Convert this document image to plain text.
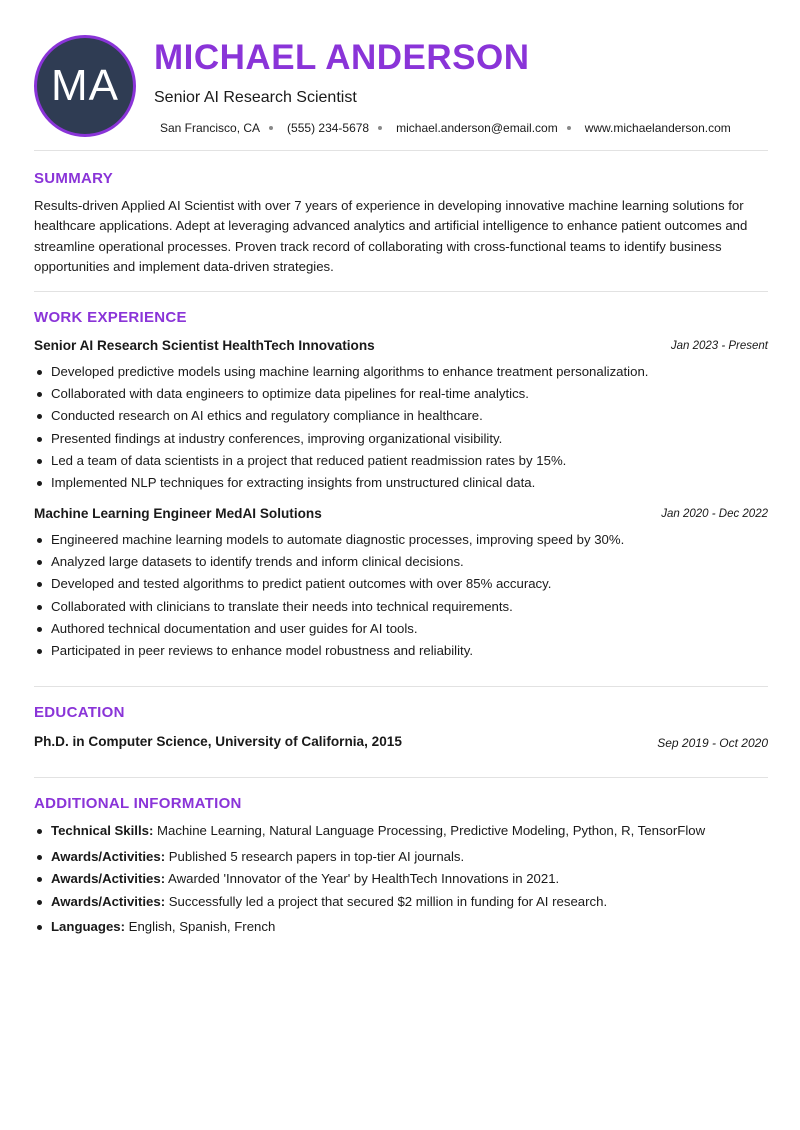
MA
MICHAEL ANDERSON
Senior AI Research Scientist
San Francisco, CA (555) 234-5678 michael.anderson@email.com www.michaelanderson.com
SUMMARY
Results-driven Applied AI Scientist with over 7 years of experience in developing innovative machine learning solutions for
healthcare applications. Adept at leveraging advanced analytics and artificial intelligence to enhance patient outcomes and
streamline operational processes. Proven track record of collaborating with cross-functional teams to identify business
opportunities and implement data-driven strategies.
WORK EXPERIENCE
Senior AI Research Scientist HealthTech Innovations	Jan 2023 - Present
Developed predictive models using machine learning algorithms to enhance treatment personalization.
Collaborated with data engineers to optimize data pipelines for real-time analytics.
Conducted research on AI ethics and regulatory compliance in healthcare.
Presented findings at industry conferences, improving organizational visibility.
Led a team of data scientists in a project that reduced patient readmission rates by 15%.
Implemented NLP techniques for extracting insights from unstructured clinical data.
Machine Learning Engineer MedAI Solutions	Jan 2020 - Dec 2022
Engineered machine learning models to automate diagnostic processes, improving speed by 30%.
Analyzed large datasets to identify trends and inform clinical decisions.
Developed and tested algorithms to predict patient outcomes with over 85% accuracy.
Collaborated with clinicians to translate their needs into technical requirements.
Authored technical documentation and user guides for AI tools.
Participated in peer reviews to enhance model robustness and reliability.
EDUCATION
Ph.D. in Computer Science, University of California, 2015	Sep 2019 - Oct 2020
ADDITIONAL INFORMATION
Technical Skills: Machine Learning, Natural Language Processing, Predictive Modeling, Python, R, TensorFlow
Awards/Activities: Published 5 research papers in top-tier AI journals.
Awards/Activities: Awarded 'Innovator of the Year' by HealthTech Innovations in 2021.
Awards/Activities: Successfully led a project that secured $2 million in funding for AI research.
Languages: English, Spanish, French
